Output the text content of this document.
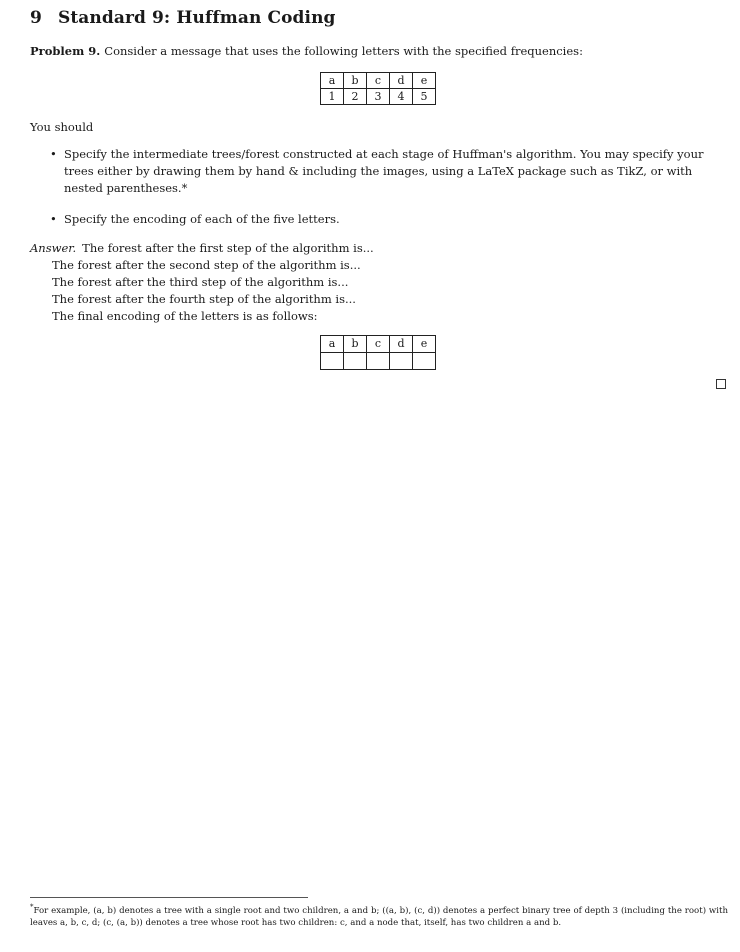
9 Standard 9: Huffman Coding
Problem 9. Consider a message that uses the following letters with the specified frequencies:
a	b	c	d	e
1	2	3	4	5
You should
• Specify the intermediate trees/forest constructed at each stage of Huffman's algorithm. You may specify your trees either by drawing them by hand & including the images, using a LaTeX package such as TikZ, or with nested parentheses.*
• Specify the encoding of each of the five letters.
Answer. The forest after the first step of the algorithm is...
The forest after the second step of the algorithm is...
The forest after the third step of the algorithm is...
The forest after the fourth step of the algorithm is...
The final encoding of the letters is as follows:
a	b	c	d	e

*For example, (a, b) denotes a tree with a single root and two children, a and b; ((a, b), (c, d)) denotes a perfect binary tree of depth 3 (including the root) with leaves a, b, c, d; (c, (a, b)) denotes a tree whose root has two children: c, and a node that, itself, has two children a and b.
